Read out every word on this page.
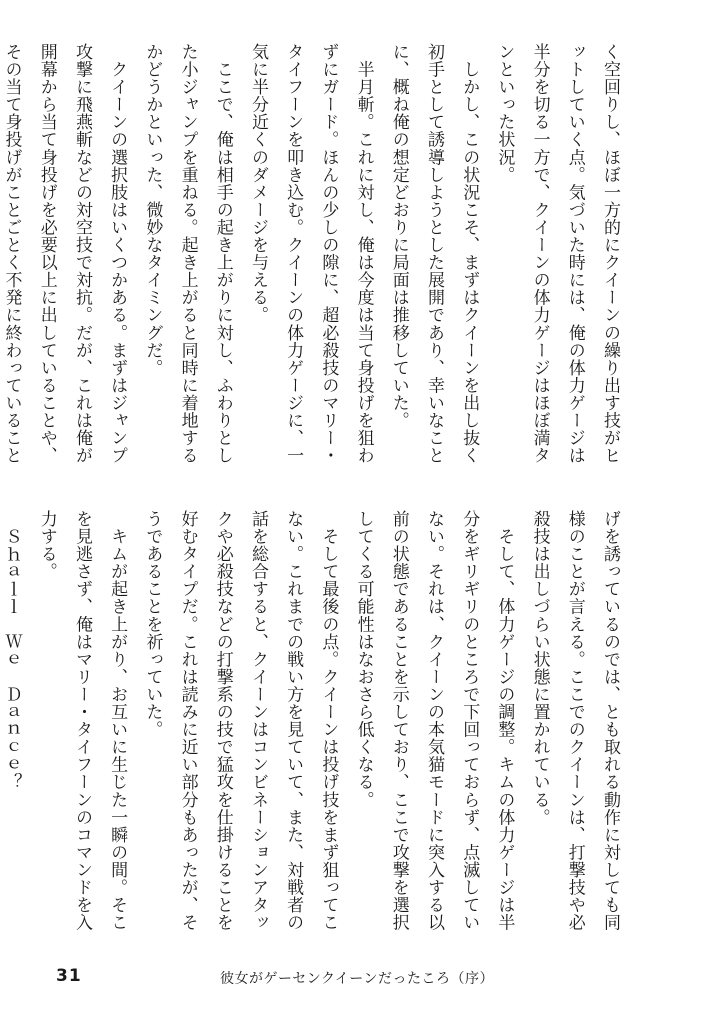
く空回りし、ほぼ一方的にクイーンの繰り出す技がヒ
ットしていく点。気づいた時には、俺の体力ゲージは
半分を切る一方で、クイーンの体力ゲージはほぼ満タ
ンといった状況。
　しかし、この状況こそ、まずはクイーンを出し抜く
初手として誘導しようとした展開であり、幸いなこと
に、概ね俺の想定どおりに局面は推移していた。
　半月斬。これに対し、俺は今度は当て身投げを狙わ
ずにガード。ほんの少しの隙に、超必殺技のマリー・
タイフーンを叩き込む。クイーンの体力ゲージに、一
気に半分近くのダメージを与える。
　ここで、俺は相手の起き上がりに対し、ふわりとし
た小ジャンプを重ねる。起き上がると同時に着地する
かどうかといった、微妙なタイミングだ。
　クイーンの選択肢はいくつかある。まずはジャンプ
攻撃に飛燕斬などの対空技で対抗。だが、これは俺が
開幕から当て身投げを必要以上に出していることや、
その当て身投げがことごとく不発に終わっていること

げを誘っているのでは、とも取れる動作に対しても同
様のことが言える。ここでのクイーンは、打撃技や必
殺技は出しづらい状態に置かれている。
　そして、体力ゲージの調整。キムの体力ゲージは半
分をギリギリのところで下回っておらず、点滅してい
ない。それは、クイーンの本気猫モードに突入する以
前の状態であることを示しており、ここで攻撃を選択
してくる可能性はなおさら低くなる。
　そして最後の点。クイーンは投げ技をまず狙ってこ
ない。これまでの戦い方を見ていて、また、対戦者の
話を総合すると、クイーンはコンビネーションアタッ
クや必殺技などの打撃系の技で猛攻を仕掛けることを
好むタイプだ。これは読みに近い部分もあったが、そ
うであることを祈っていた。
　キムが起き上がり、お互いに生じた一瞬の間。そこ
を見逃さず、俺はマリー・タイフーンのコマンドを入
力する。
　Ｓｈａｌｌ　Ｗｅ　Ｄａｎｃｅ？

31	彼女がゲーセンクイーンだったころ（序）
